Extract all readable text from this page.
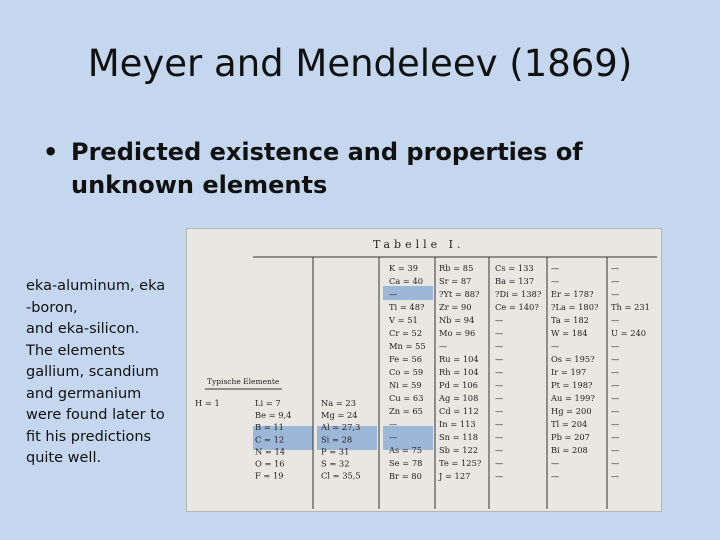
Meyer and Mendeleev (1869)
• Predicted existence and properties of unknown elements
eka-aluminum, eka
-boron,
and eka-silicon.
The elements
gallium, scandium
and germanium
were found later to
fit his predictions
quite well.
Tabelle I.
Typische Elemente
H = 1	Li = 7
Be = 9,4
B = 11
C = 12
N = 14
O = 16
F = 19
Na = 23
Mg = 24
Al = 27,3
Si = 28
P = 31
S = 32
Cl = 35,5
K = 39
Ca = 40
—
Ti = 48?
V = 51
Cr = 52
Mn = 55
Fe = 56
Co = 59
Ni = 59
Cu = 63
Zn = 65
—
—
As = 75
Se = 78
Br = 80
Rb = 85
Sr = 87
?Yt = 88?
Zr = 90
Nb = 94
Mo = 96
—
Ru = 104
Rh = 104
Pd = 106
Ag = 108
Cd = 112
In = 113
Sn = 118
Sb = 122
Te = 125?
J = 127
Cs = 133
Ba = 137
?Di = 138?
Ce = 140?
—
—
—
—
—
—
—
—
—
—
—
—
—
—
—
Er = 178?
?La = 180?
Ta = 182
W = 184
—
Os = 195?
Ir = 197
Pt = 198?
Au = 199?
Hg = 200
Tl = 204
Pb = 207
Bi = 208
—
—
—
—
—
Th = 231
—
U = 240
—
—
—
—
—
—
—
—
—
—
—
